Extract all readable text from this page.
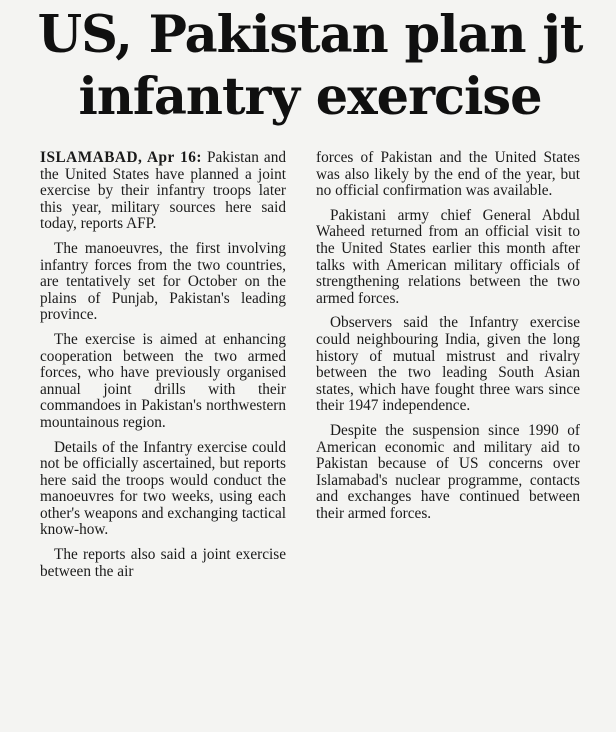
US, Pakistan plan jt
infantry exercise

ISLAMABAD, Apr 16: Pakistan and the United States have planned a joint exercise by their infantry troops later this year, military sources here said today, reports AFP.

The manoeuvres, the first involving infantry forces from the two countries, are tentatively set for October on the plains of Punjab, Pakistan's leading province.

The exercise is aimed at enhancing cooperation between the two armed forces, who have previously organised annual joint drills with their commandoes in Pakistan's northwestern mountainous region.

Details of the Infantry exercise could not be officially ascertained, but reports here said the troops would conduct the manoeuvres for two weeks, using each other's weapons and exchanging tactical know-how.

The reports also said a joint exercise between the air

forces of Pakistan and the United States was also likely by the end of the year, but no official confirmation was available.

Pakistani army chief General Abdul Waheed returned from an official visit to the United States earlier this month after talks with American military officials of strengthening relations between the two armed forces.

Observers said the Infantry exercise could neighbouring India, given the long history of mutual mistrust and rivalry between the two leading South Asian states, which have fought three wars since their 1947 independence.

Despite the suspension since 1990 of American economic and military aid to Pakistan because of US concerns over Islamabad's nuclear programme, contacts and exchanges have continued between their armed forces.
